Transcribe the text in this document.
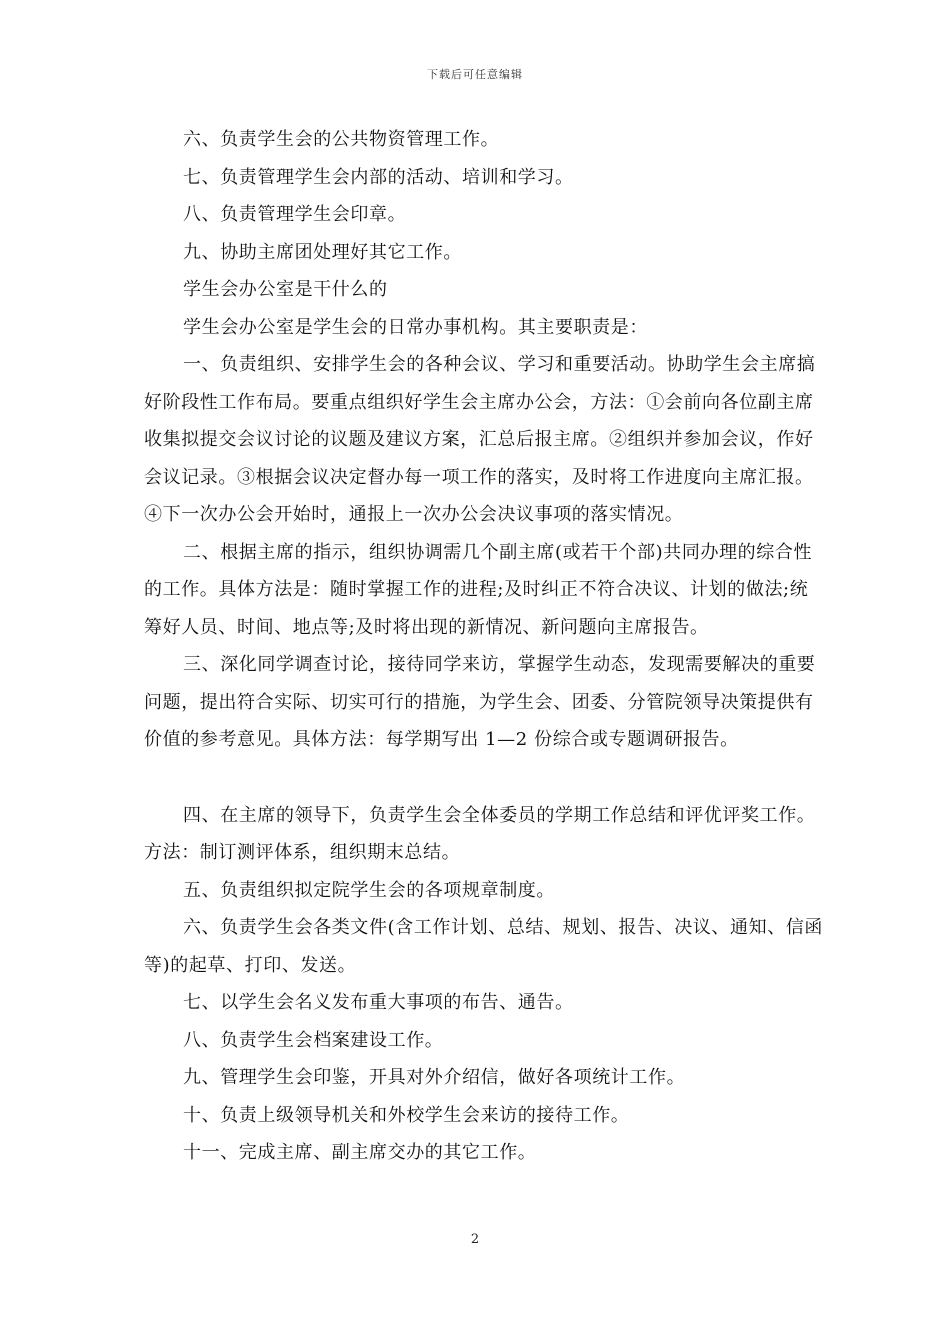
下载后可任意编辑

六、负责学生会的公共物资管理工作。

七、负责管理学生会内部的活动、培训和学习。

八、负责管理学生会印章。

九、协助主席团处理好其它工作。

学生会办公室是干什么的

学生会办公室是学生会的日常办事机构。其主要职责是：

一、负责组织、安排学生会的各种会议、学习和重要活动。协助学生会主席搞好阶段性工作布局。要重点组织好学生会主席办公会，方法：①会前向各位副主席收集拟提交会议讨论的议题及建议方案，汇总后报主席。②组织并参加会议，作好会议记录。③根据会议决定督办每一项工作的落实，及时将工作进度向主席汇报。④下一次办公会开始时，通报上一次办公会决议事项的落实情况。

二、根据主席的指示，组织协调需几个副主席(或若干个部)共同办理的综合性的工作。具体方法是：随时掌握工作的进程;及时纠正不符合决议、计划的做法;统筹好人员、时间、地点等;及时将出现的新情况、新问题向主席报告。

三、深化同学调查讨论，接待同学来访，掌握学生动态，发现需要解决的重要问题，提出符合实际、切实可行的措施，为学生会、团委、分管院领导决策提供有价值的参考意见。具体方法：每学期写出 1—2 份综合或专题调研报告。

四、在主席的领导下，负责学生会全体委员的学期工作总结和评优评奖工作。方法：制订测评体系，组织期末总结。

五、负责组织拟定院学生会的各项规章制度。

六、负责学生会各类文件(含工作计划、总结、规划、报告、决议、通知、信函等)的起草、打印、发送。

七、以学生会名义发布重大事项的布告、通告。

八、负责学生会档案建设工作。

九、管理学生会印鉴，开具对外介绍信，做好各项统计工作。

十、负责上级领导机关和外校学生会来访的接待工作。

十一、完成主席、副主席交办的其它工作。

2
